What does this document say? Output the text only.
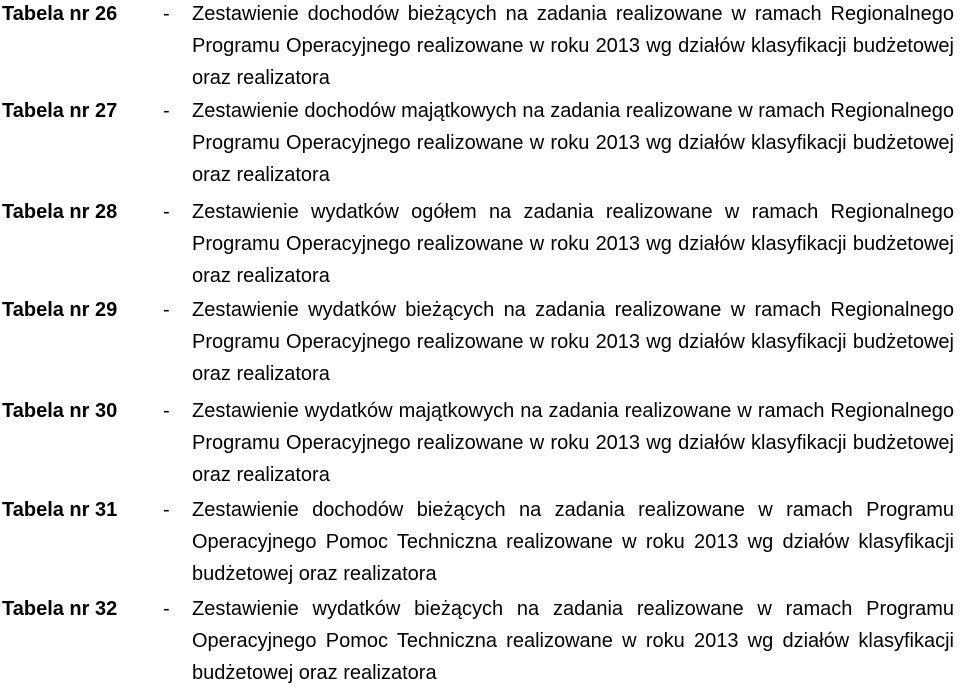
Tabela nr 26 - Zestawienie dochodów bieżących na zadania realizowane w ramach Regionalnego Programu Operacyjnego realizowane w roku 2013 wg działów klasyfikacji budżetowej oraz realizatora
Tabela nr 27 - Zestawienie dochodów majątkowych na zadania realizowane w ramach Regionalnego Programu Operacyjnego realizowane w roku 2013 wg działów klasyfikacji budżetowej oraz realizatora
Tabela nr 28 - Zestawienie wydatków ogółem na zadania realizowane w ramach Regionalnego Programu Operacyjnego realizowane w roku 2013 wg działów klasyfikacji budżetowej oraz realizatora
Tabela nr 29 - Zestawienie wydatków bieżących na zadania realizowane w ramach Regionalnego Programu Operacyjnego realizowane w roku 2013 wg działów klasyfikacji budżetowej oraz realizatora
Tabela nr 30 - Zestawienie wydatków majątkowych na zadania realizowane w ramach Regionalnego Programu Operacyjnego realizowane w roku 2013 wg działów klasyfikacji budżetowej oraz realizatora
Tabela nr 31 - Zestawienie dochodów bieżących na zadania realizowane w ramach Programu Operacyjnego Pomoc Techniczna realizowane w roku 2013 wg działów klasyfikacji budżetowej oraz realizatora
Tabela nr 32 - Zestawienie wydatków bieżących na zadania realizowane w ramach Programu Operacyjnego Pomoc Techniczna realizowane w roku 2013 wg działów klasyfikacji budżetowej oraz realizatora
